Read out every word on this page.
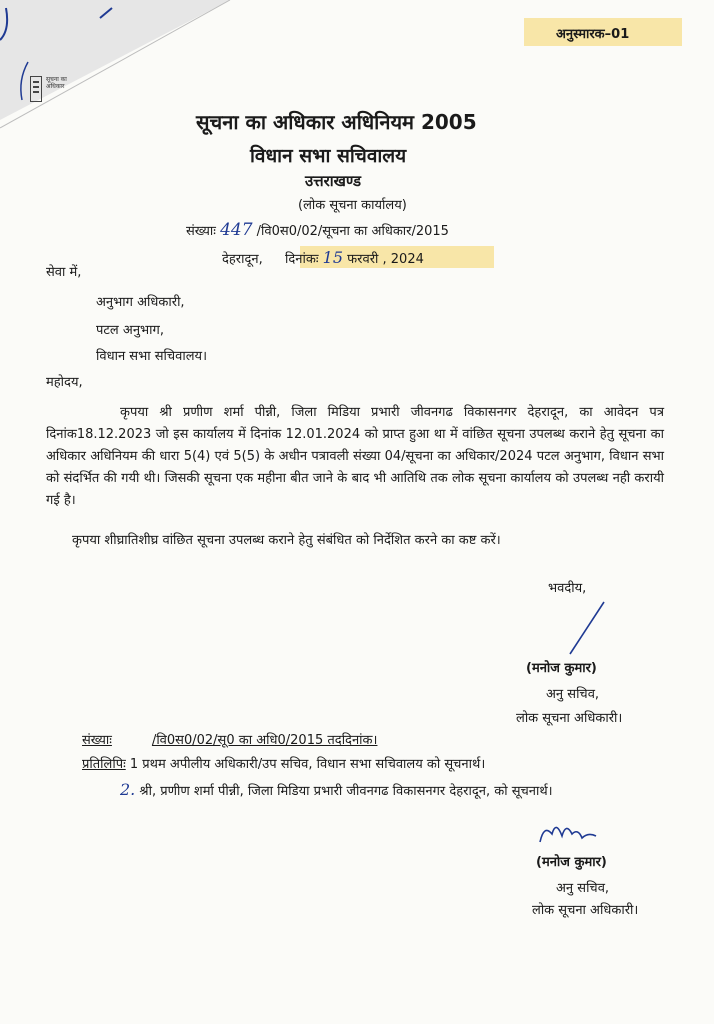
सूचना का
अधिकार
अनुस्मारक–01
सूचना का अधिकार अधिनियम 2005
विधान सभा सचिवालय
उत्तराखण्ड
(लोक सूचना कार्यालय)
संख्याः 447 /वि0स0/02/सूचना का अधिकार/2015
देहरादून, दिनांकः 15 फरवरी , 2024
सेवा में,
अनुभाग अधिकारी,
पटल अनुभाग,
विधान सभा सचिवालय।
महोदय,
कृपया श्री प्रणीण शर्मा पीन्नी, जिला मिडिया प्रभारी जीवनगढ विकासनगर देहरादून, का आवेदन पत्र दिनांक18.12.2023 जो इस कार्यालय में दिनांक 12.01.2024 को प्राप्त हुआ था में वांछित सूचना उपलब्ध कराने हेतु सूचना का अधिकार अधिनियम की धारा 5(4) एवं 5(5) के अधीन पत्रावली संख्या 04/सूचना का अधिकार/2024 पटल अनुभाग, विधान सभा को संदर्भित की गयी थी। जिसकी सूचना एक महीना बीत जाने के बाद भी आतिथि तक लोक सूचना कार्यालय को उपलब्ध नही करायी गई है।
कृपया शीघ्रातिशीघ्र वांछित सूचना उपलब्ध कराने हेतु संबंधित को निर्देशित करने का कष्ट करें।
भवदीय,
(मनोज कुमार)
अनु सचिव,
लोक सूचना अधिकारी।
संख्याः	/वि0स0/02/सू0 का अधि0/2015 तददिनांक।
प्रतिलिपिः 1 प्रथम अपीलीय अधिकारी/उप सचिव, विधान सभा सचिवालय को सूचनार्थ।
2. श्री, प्रणीण शर्मा पीन्नी, जिला मिडिया प्रभारी जीवनगढ विकासनगर देहरादून, को सूचनार्थ।
(मनोज कुमार)
अनु सचिव,
लोक सूचना अधिकारी।
